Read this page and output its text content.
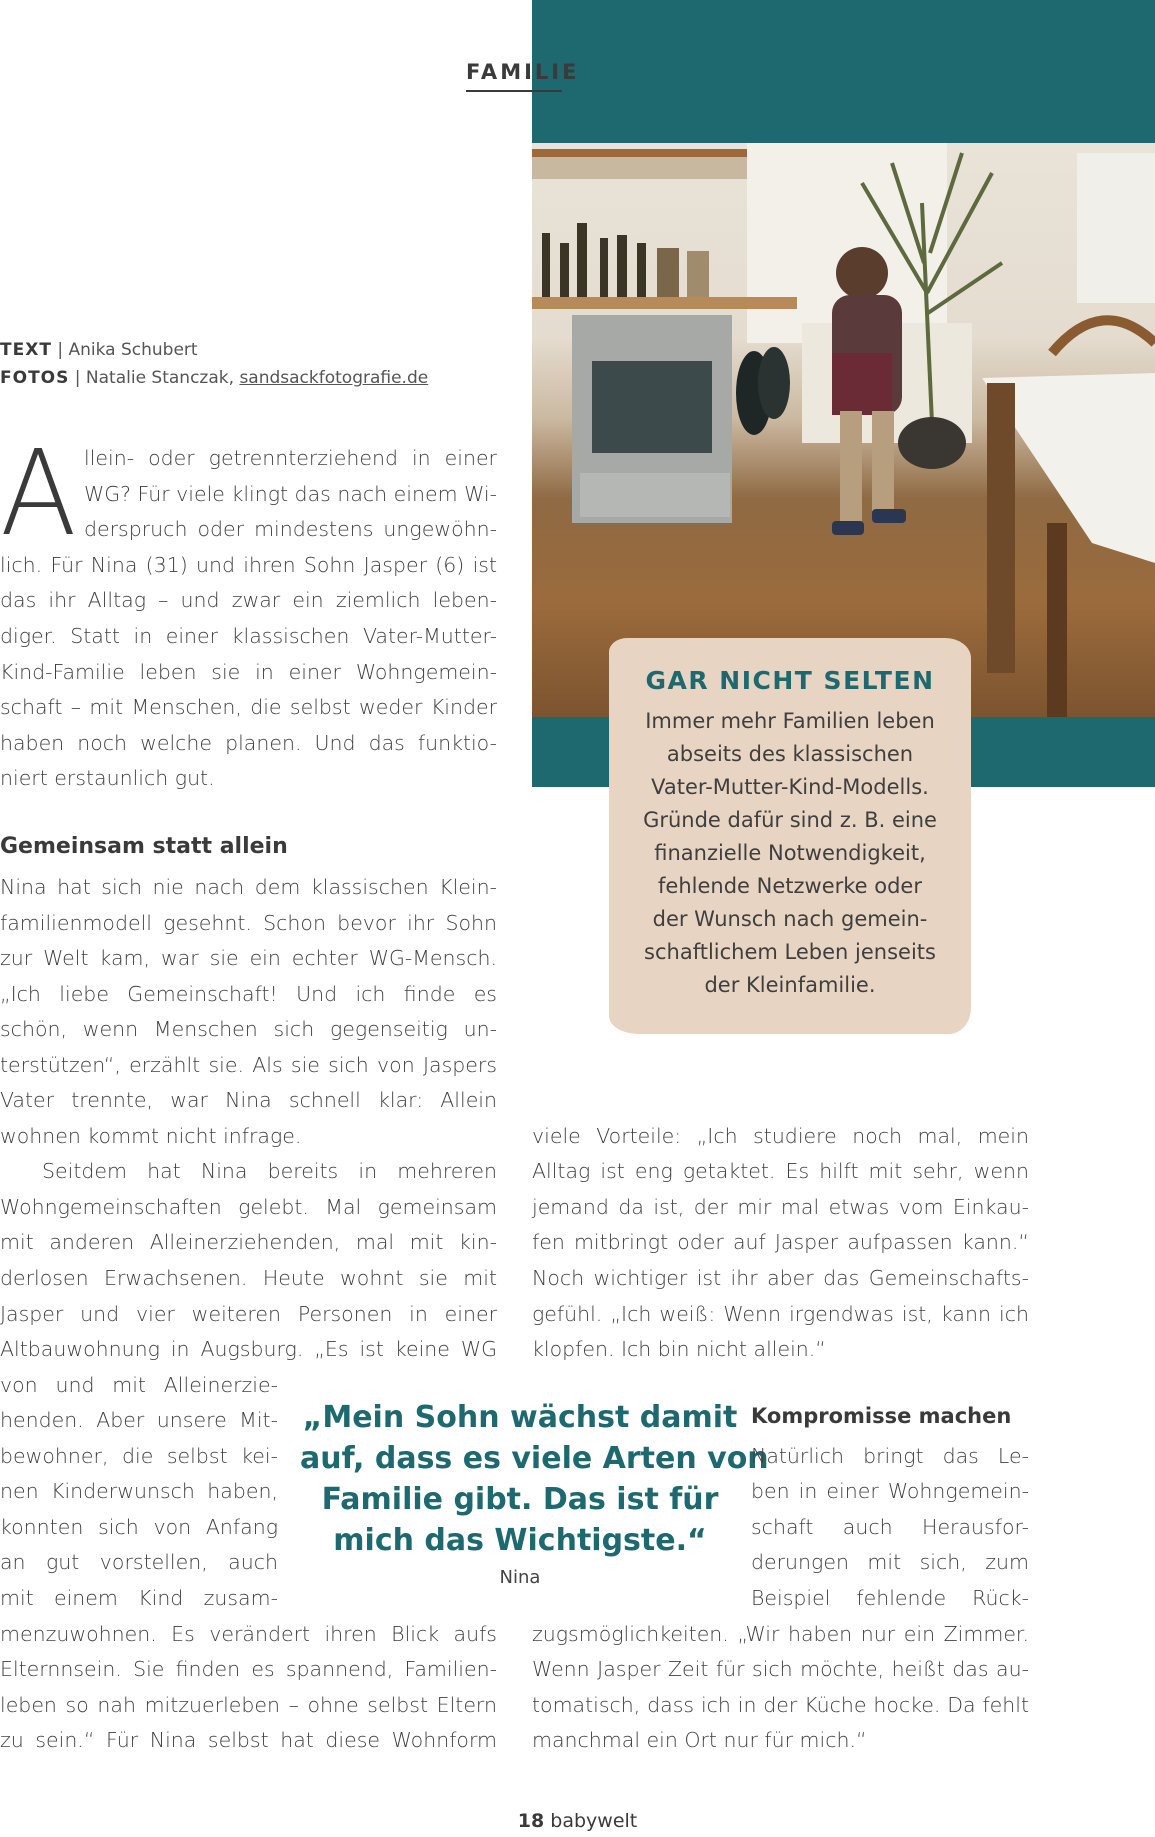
FAMILIE
TEXT | Anika Schubert
FOTOS | Natalie Stanczak, sandsackfotografie.de
A llein- oder getrennterziehend in einer
WG? Für viele klingt das nach einem Wi-
derspruch oder mindestens ungewöhn-
lich. Für Nina (31) und ihren Sohn Jasper (6) ist
das ihr Alltag – und zwar ein ziemlich leben-
diger. Statt in einer klassischen Vater-Mutter-
Kind-Familie leben sie in einer Wohngemein-
schaft – mit Menschen, die selbst weder Kinder
haben noch welche planen. Und das funktio-
niert erstaunlich gut.
Gemeinsam statt allein
Nina hat sich nie nach dem klassischen Klein-
familienmodell gesehnt. Schon bevor ihr Sohn
zur Welt kam, war sie ein echter WG-Mensch.
„Ich liebe Gemeinschaft! Und ich finde es
schön, wenn Menschen sich gegenseitig un-
terstützen“, erzählt sie. Als sie sich von Jaspers
Vater trennte, war Nina schnell klar: Allein
wohnen kommt nicht infrage.
Seitdem hat Nina bereits in mehreren
Wohngemeinschaften gelebt. Mal gemeinsam
mit anderen Alleinerziehenden, mal mit kin-
derlosen Erwachsenen. Heute wohnt sie mit
Jasper und vier weiteren Personen in einer
Altbauwohnung in Augsburg. „Es ist keine WG
von und mit Alleinerzie-
henden. Aber unsere Mit-
bewohner, die selbst kei-
nen Kinderwunsch haben,
konnten sich von Anfang
an gut vorstellen, auch
mit einem Kind zusam-
menzuwohnen. Es verändert ihren Blick aufs
Elternnsein. Sie finden es spannend, Familien-
leben so nah mitzuerleben – ohne selbst Eltern
zu sein.“ Für Nina selbst hat diese Wohnform
GAR NICHT SELTEN
Immer mehr Familien leben
abseits des klassischen
Vater-Mutter-Kind-Modells.
Gründe dafür sind z. B. eine
finanzielle Notwendigkeit,
fehlende Netzwerke oder
der Wunsch nach gemein-
schaftlichem Leben jenseits
der Kleinfamilie.
viele Vorteile: „Ich studiere noch mal, mein
Alltag ist eng getaktet. Es hilft mit sehr, wenn
jemand da ist, der mir mal etwas vom Einkau-
fen mitbringt oder auf Jasper aufpassen kann.“
Noch wichtiger ist ihr aber das Gemeinschafts-
gefühl. „Ich weiß: Wenn irgendwas ist, kann ich
klopfen. Ich bin nicht allein.“
„Mein Sohn wächst damit
auf, dass es viele Arten von
Familie gibt. Das ist für
mich das Wichtigste.“
Nina
Kompromisse machen
Natürlich bringt das Le-
ben in einer Wohngemein-
schaft auch Herausfor-
derungen mit sich, zum
Beispiel fehlende Rück-
zugsmöglichkeiten. „Wir haben nur ein Zimmer.
Wenn Jasper Zeit für sich möchte, heißt das au-
tomatisch, dass ich in der Küche hocke. Da fehlt
manchmal ein Ort nur für mich.“
18 babywelt
